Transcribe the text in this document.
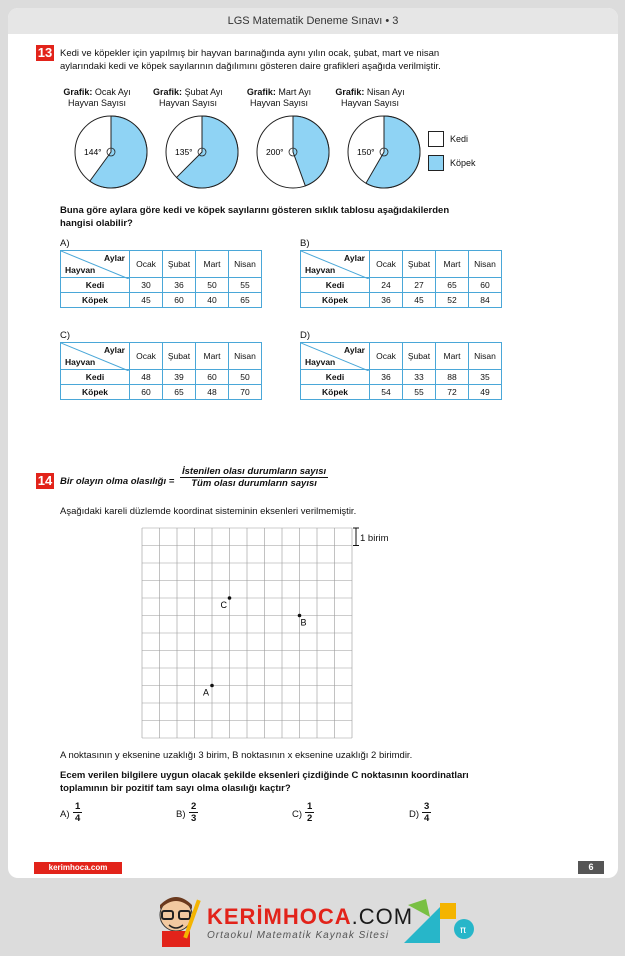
LGS Matematik Deneme Sınavı • 3
13 Kedi ve köpekler için yapılmış bir hayvan barınağında aynı yılın ocak, şubat, mart ve nisan
aylarındaki kedi ve köpek sayılarının dağılımını gösteren daire grafikleri aşağıda verilmiştir.
Grafik: Ocak Ayı
Hayvan Sayısı
144°
Grafik: Şubat Ayı
Hayvan Sayısı
135°
Grafik: Mart Ayı
Hayvan Sayısı
200°
Grafik: Nisan Ayı
Hayvan Sayısı
150°
Kedi
Köpek
Buna göre aylara göre kedi ve köpek sayılarını gösteren sıklık tablosu aşağıdakilerden
hangisi olabilir?
A)
Aylar
Hayvan	Ocak	Şubat	Mart	Nisan
Kedi	30	36	50	55
Köpek	45	60	40	65
B)
Aylar
Hayvan	Ocak	Şubat	Mart	Nisan
Kedi	24	27	65	60
Köpek	36	45	52	84
C)
Aylar
Hayvan	Ocak	Şubat	Mart	Nisan
Kedi	48	39	60	50
Köpek	60	65	48	70
D)
Aylar
Hayvan	Ocak	Şubat	Mart	Nisan
Kedi	36	33	88	35
Köpek	54	55	72	49
14 Bir olayın olma olasılığı =
İstenilen olası durumların sayısı
Tüm olası durumların sayısı
Aşağıdaki kareli düzlemde koordinat sisteminin eksenleri verilmemiştir.
C
B
A
1 birim
A noktasının y eksenine uzaklığı 3 birim, B noktasının x eksenine uzaklığı 2 birimdir.
Ecem verilen bilgilere uygun olacak şekilde eksenleri çizdiğinde C noktasının koordinatları
toplamının bir pozitif tam sayı olma olasılığı kaçtır?
$A) \frac{1}{4}$	$B) \frac{2}{3}$	$C) \frac{1}{2}$	$D) \frac{3}{4}$
kerimhoca.com	6
KERİMHOCA.COM
Ortaokul Matematik Kaynak Sitesi	π
